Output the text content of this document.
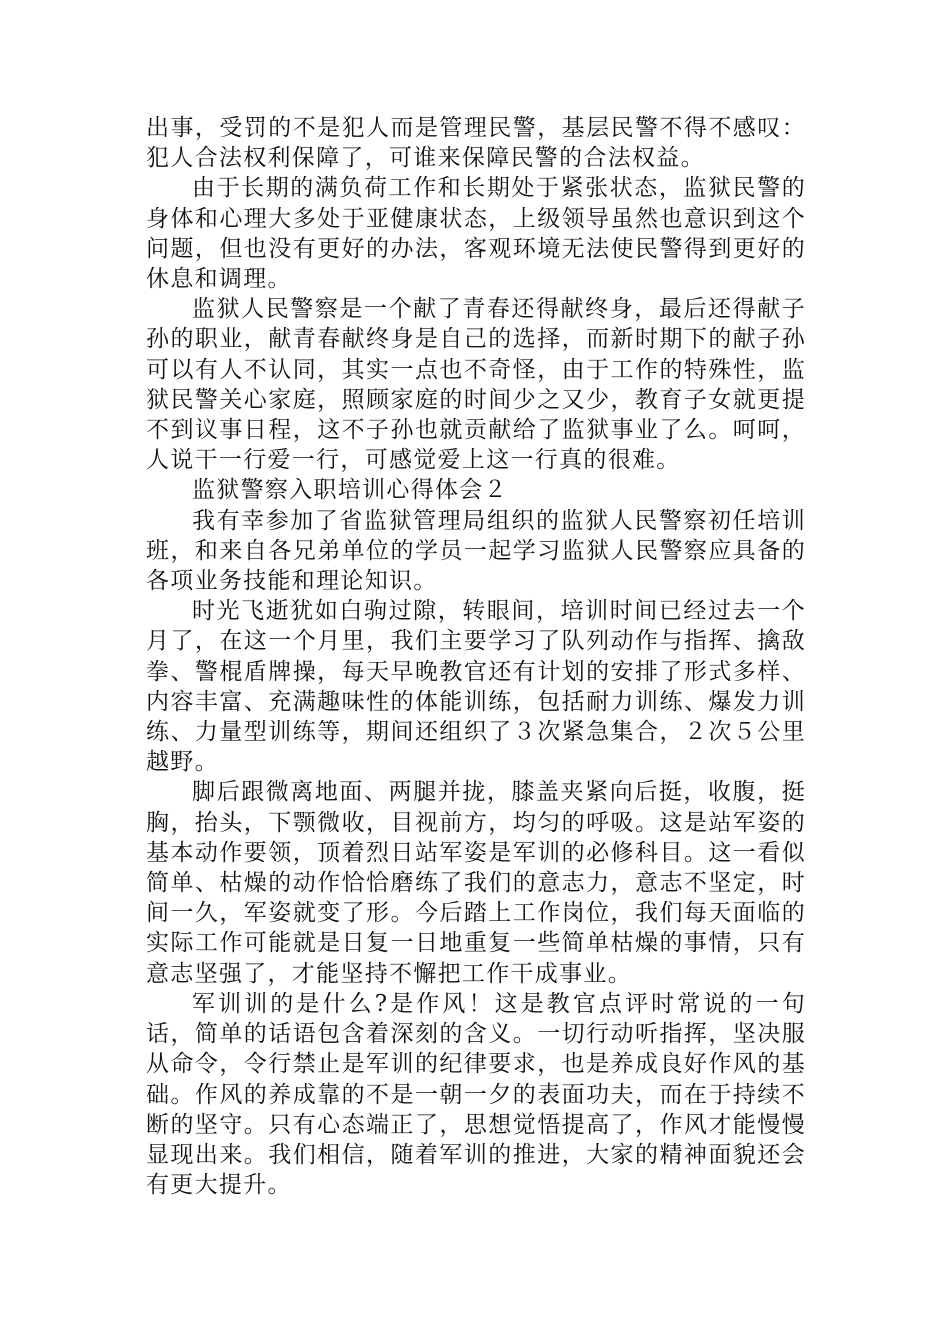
出事，受罚的不是犯人而是管理民警，基层民警不得不感叹：犯人合法权利保障了，可谁来保障民警的合法权益。

由于长期的满负荷工作和长期处于紧张状态，监狱民警的身体和心理大多处于亚健康状态，上级领导虽然也意识到这个问题，但也没有更好的办法，客观环境无法使民警得到更好的休息和调理。

监狱人民警察是一个献了青春还得献终身，最后还得献子孙的职业，献青春献终身是自己的选择，而新时期下的献子孙可以有人不认同，其实一点也不奇怪，由于工作的特殊性，监狱民警关心家庭，照顾家庭的时间少之又少，教育子女就更提不到议事日程，这不子孙也就贡献给了监狱事业了么。呵呵，人说干一行爱一行，可感觉爱上这一行真的很难。

监狱警察入职培训心得体会２

我有幸参加了省监狱管理局组织的监狱人民警察初任培训班，和来自各兄弟单位的学员一起学习监狱人民警察应具备的各项业务技能和理论知识。

时光飞逝犹如白驹过隙，转眼间，培训时间已经过去一个月了，在这一个月里，我们主要学习了队列动作与指挥、擒敌拳、警棍盾牌操，每天早晚教官还有计划的安排了形式多样、内容丰富、充满趣味性的体能训练，包括耐力训练、爆发力训练、力量型训练等，期间还组织了３次紧急集合，２次５公里越野。

脚后跟微离地面、两腿并拢，膝盖夹紧向后挺，收腹，挺胸，抬头，下颚微收，目视前方，均匀的呼吸。这是站军姿的基本动作要领，顶着烈日站军姿是军训的必修科目。这一看似简单、枯燥的动作恰恰磨练了我们的意志力，意志不坚定，时间一久，军姿就变了形。今后踏上工作岗位，我们每天面临的实际工作可能就是日复一日地重复一些简单枯燥的事情，只有意志坚强了，才能坚持不懈把工作干成事业。

军训训的是什么?是作风！这是教官点评时常说的一句话，简单的话语包含着深刻的含义。一切行动听指挥，坚决服从命令，令行禁止是军训的纪律要求，也是养成良好作风的基础。作风的养成靠的不是一朝一夕的表面功夫，而在于持续不断的坚守。只有心态端正了，思想觉悟提高了，作风才能慢慢显现出来。我们相信，随着军训的推进，大家的精神面貌还会有更大提升。
